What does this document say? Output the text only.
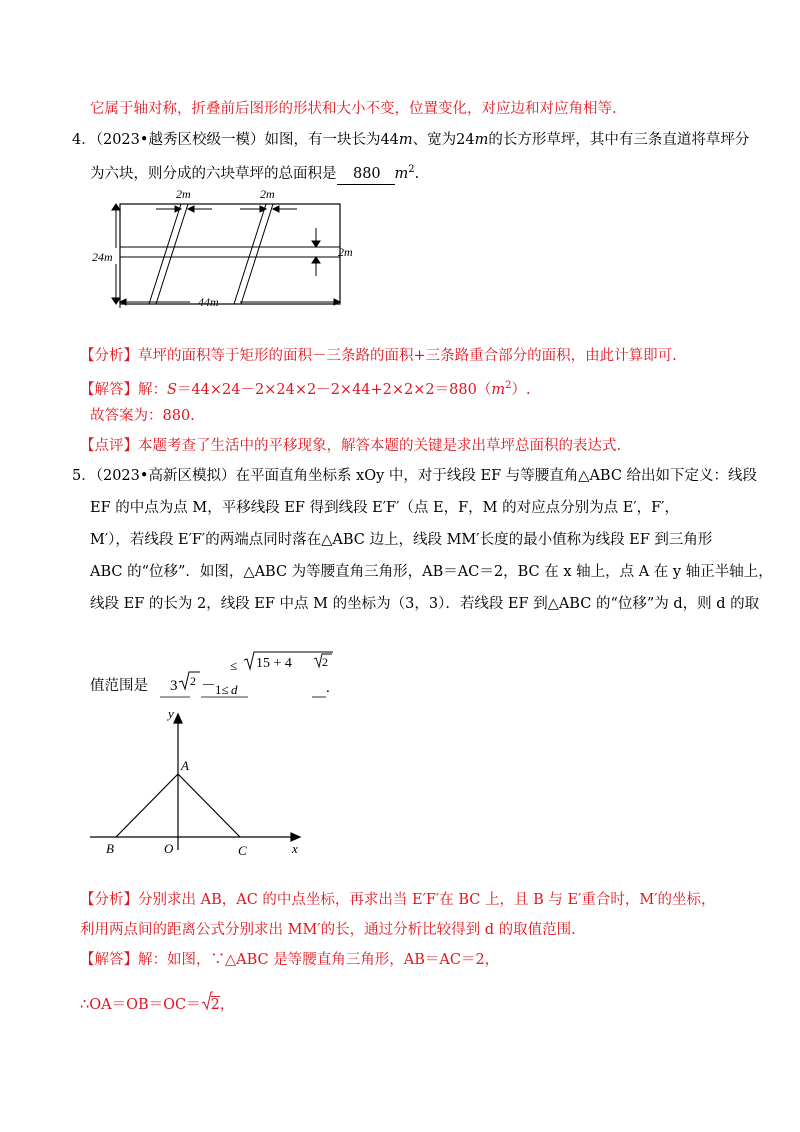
它属于轴对称，折叠前后图形的形状和大小不变，位置变化，对应边和对应角相等.
4．（2023•越秀区校级一模）如图，有一块长为44m、宽为24m的长方形草坪，其中有三条直道将草坪分
为六块，则分成的六块草坪的总面积是 880 $m^2$.
2m	2m
2m
24m
44m
【分析】草坪的面积等于矩形的面积－三条路的面积+三条路重合部分的面积，由此计算即可.
【解答】解：$S=44\times 24-2\times 24\times 2-2\times 44+2\times 2\times 2=880(m^2)$.
故答案为：880.
【点评】本题考查了生活中的平移现象，解答本题的关键是求出草坪总面积的表达式.
5．（2023•高新区模拟）在平面直角坐标系 xOy 中，对于线段 EF 与等腰直角△ABC 给出如下定义：线段
EF 的中点为点 M，平移线段 EF 得到线段 E′F′（点 E，F，M 的对应点分别为点 E′，F′，
M′），若线段 E′F′的两端点同时落在△ABC 边上，线段 MM′长度的最小值称为线段 EF 到三角形
ABC 的“位移”．如图，△ABC 为等腰直角三角形，AB＝AC＝2，BC 在 x 轴上，点 A 在 y 轴正半轴上，
线段 EF 的长为 2，线段 EF 中点 M 的坐标为（3，3）．若线段 EF 到△ABC 的“位移”为 d，则 d 的取
值范围是 3 2 －
1≤ d
≤ 15 + 4	2
.
y
x
A
B	O	C
【分析】分别求出 AB，AC 的中点坐标，再求出当 E′F′在 BC 上，且 B 与 E′重合时，M′的坐标，
利用两点间的距离公式分别求出 MM′的长，通过分析比较得到 d 的取值范围.
【解答】解：如图，∵△ABC 是等腰直角三角形，AB＝AC＝2，
∴OA＝OB＝OC＝ 2，
